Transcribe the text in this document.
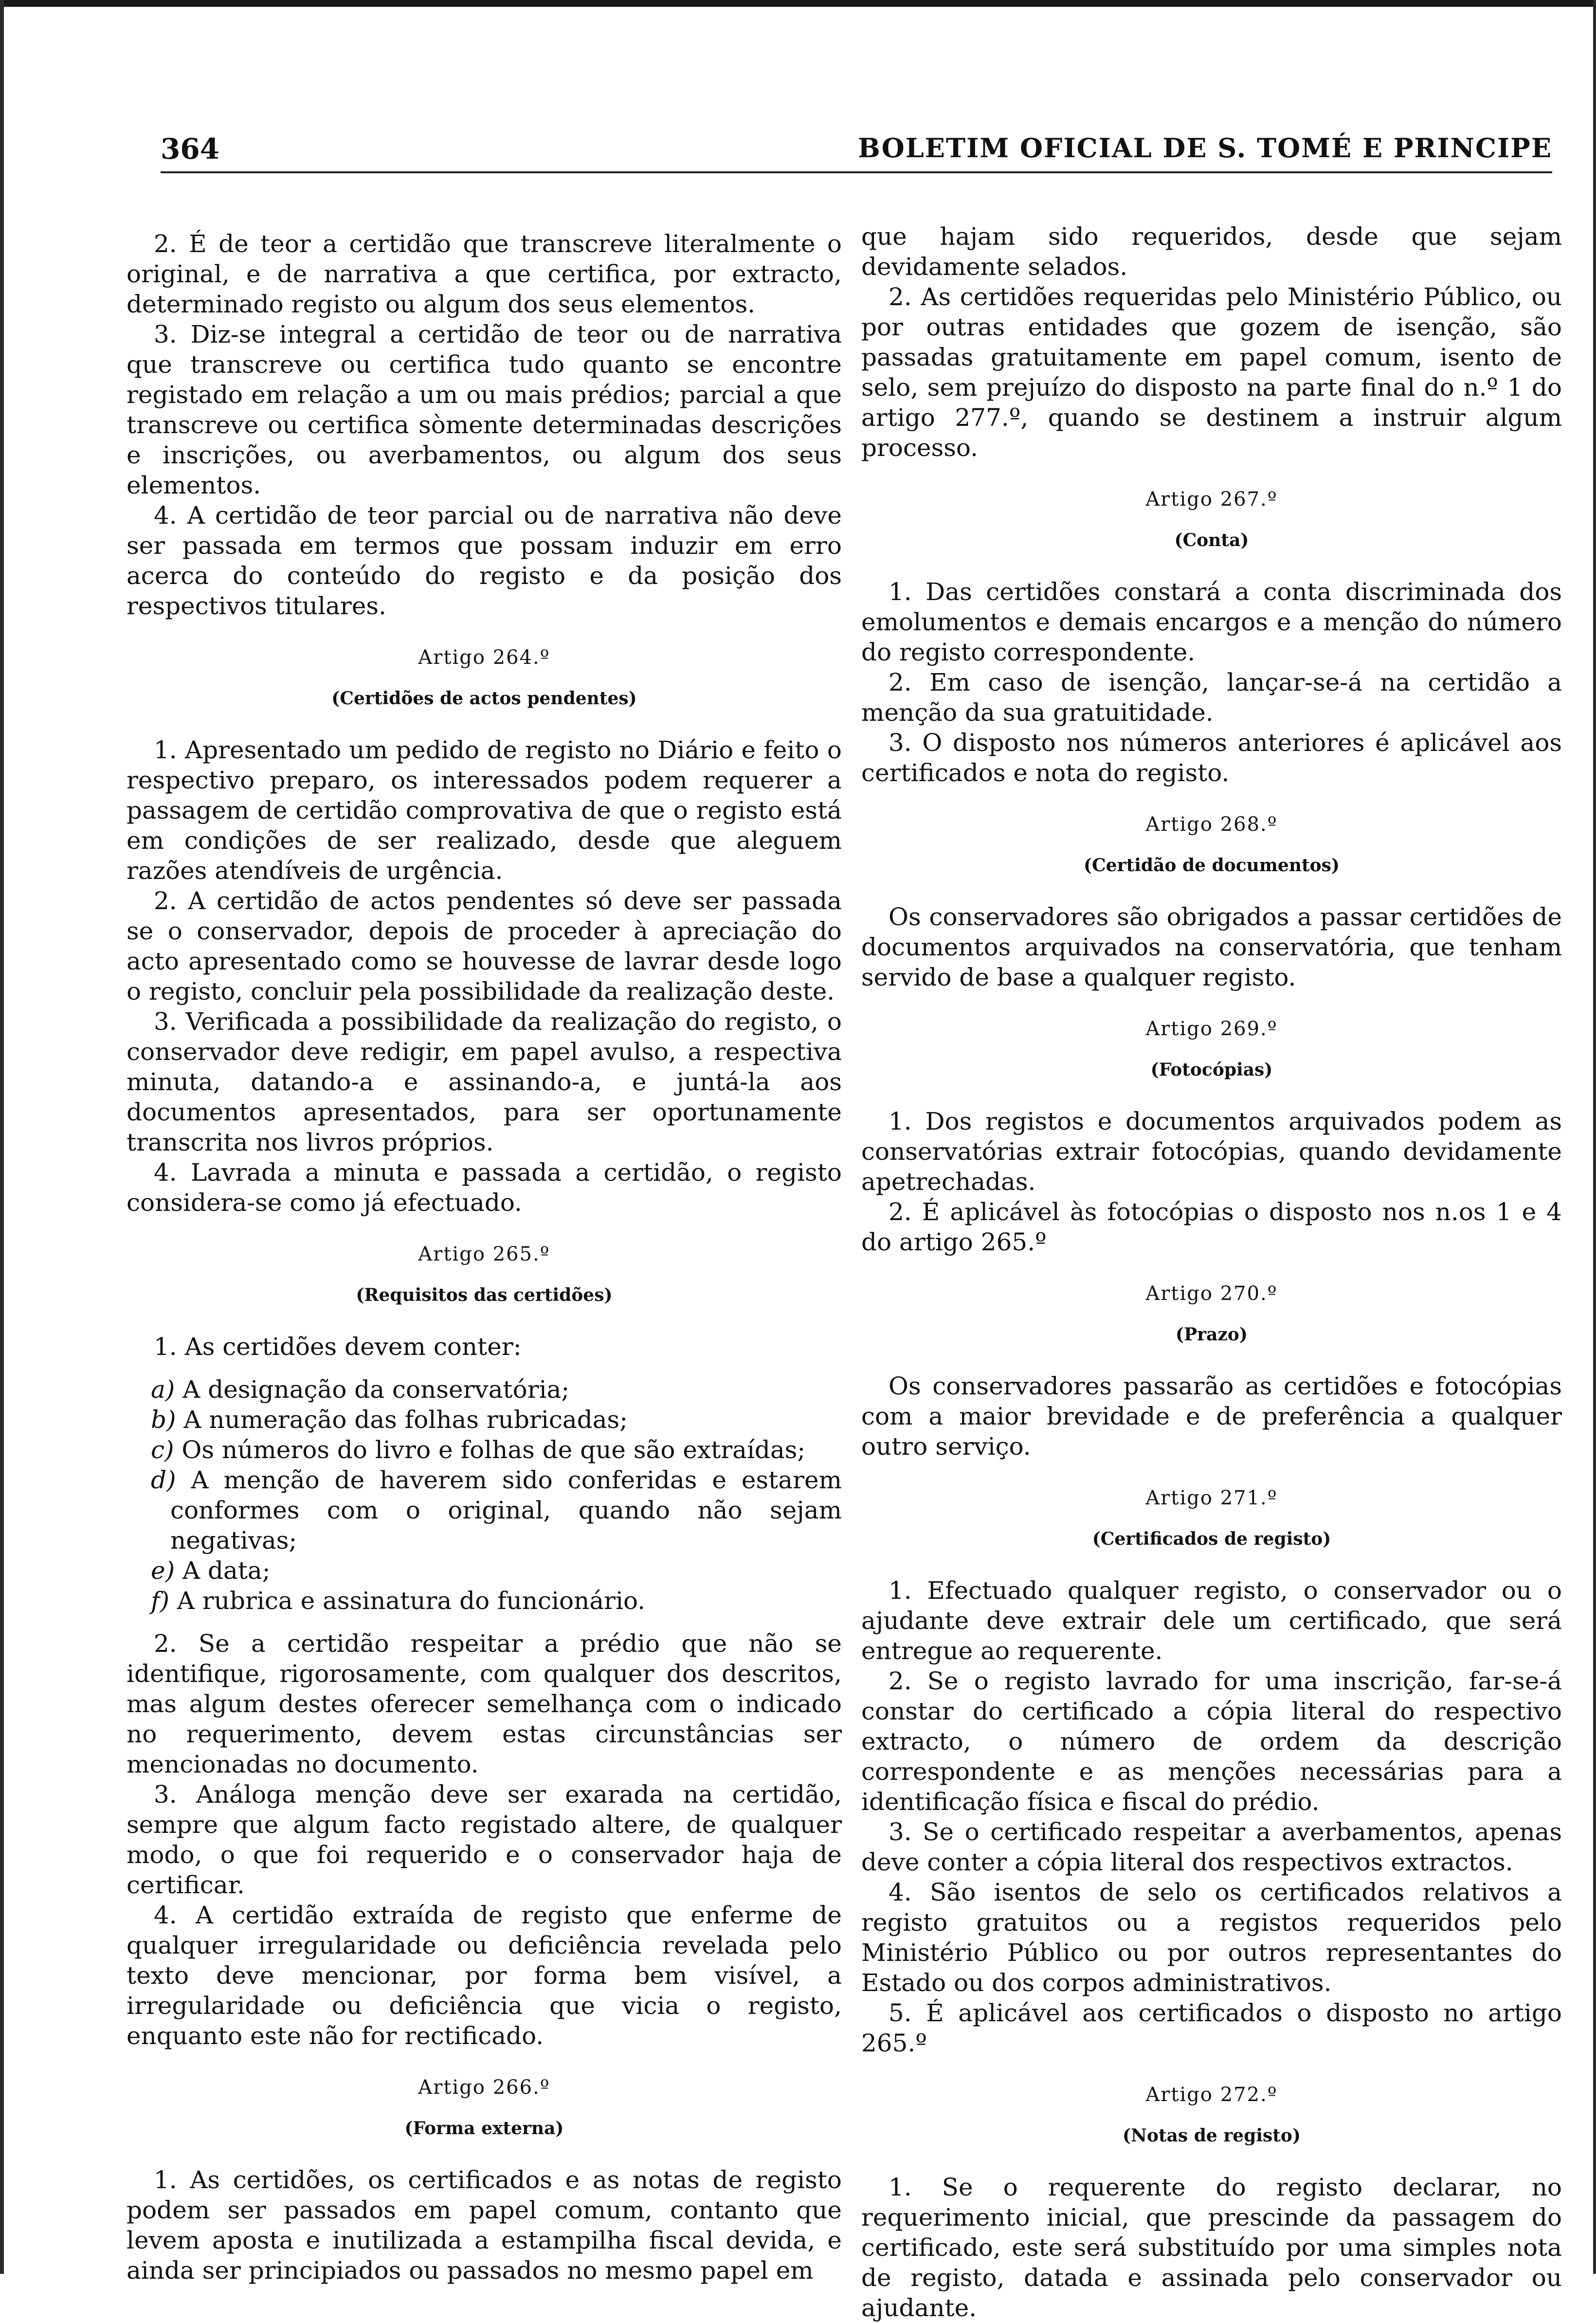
364	BOLETIM OFICIAL DE S. TOMÉ E PRINCIPE

2. É de teor a certidão que transcreve literalmente o original, e de narrativa a que certifica, por extracto, determinado registo ou algum dos seus elementos.

3. Diz-se integral a certidão de teor ou de narrativa que transcreve ou certifica tudo quanto se encontre registado em relação a um ou mais prédios; parcial a que transcreve ou certifica sòmente determinadas descrições e inscrições, ou averbamentos, ou algum dos seus elementos.

4. A certidão de teor parcial ou de narrativa não deve ser passada em termos que possam induzir em erro acerca do conteúdo do registo e da posição dos respectivos titulares.

Artigo 264.º
(Certidões de actos pendentes)

1. Apresentado um pedido de registo no Diário e feito o respectivo preparo, os interessados podem requerer a passagem de certidão comprovativa de que o registo está em condições de ser realizado, desde que aleguem razões atendíveis de urgência.

2. A certidão de actos pendentes só deve ser passada se o conservador, depois de proceder à apreciação do acto apresentado como se houvesse de lavrar desde logo o registo, concluir pela possibilidade da realização deste.

3. Verificada a possibilidade da realização do registo, o conservador deve redigir, em papel avulso, a respectiva minuta, datando-a e assinando-a, e juntá-la aos documentos apresentados, para ser oportunamente transcrita nos livros próprios.

4. Lavrada a minuta e passada a certidão, o registo considera-se como já efectuado.

Artigo 265.º
(Requisitos das certidões)

1. As certidões devem conter:

a) A designação da conservatória;

b) A numeração das folhas rubricadas;

c) Os números do livro e folhas de que são extraídas;

d) A menção de haverem sido conferidas e estarem conformes com o original, quando não sejam negativas;

e) A data;

f) A rubrica e assinatura do funcionário.

2. Se a certidão respeitar a prédio que não se identifique, rigorosamente, com qualquer dos descritos, mas algum destes oferecer semelhança com o indicado no requerimento, devem estas circunstâncias ser mencionadas no documento.

3. Análoga menção deve ser exarada na certidão, sempre que algum facto registado altere, de qualquer modo, o que foi requerido e o conservador haja de certificar.

4. A certidão extraída de registo que enferme de qualquer irregularidade ou deficiência revelada pelo texto deve mencionar, por forma bem visível, a irregularidade ou deficiência que vicia o registo, enquanto este não for rectificado.

Artigo 266.º
(Forma externa)

1. As certidões, os certificados e as notas de registo podem ser passados em papel comum, contanto que levem aposta e inutilizada a estampilha fiscal devida, e ainda ser principiados ou passados no mesmo papel em

que hajam sido requeridos, desde que sejam devidamente selados.

2. As certidões requeridas pelo Ministério Público, ou por outras entidades que gozem de isenção, são passadas gratuitamente em papel comum, isento de selo, sem prejuízo do disposto na parte final do n.º 1 do artigo 277.º, quando se destinem a instruir algum processo.

Artigo 267.º
(Conta)

1. Das certidões constará a conta discriminada dos emolumentos e demais encargos e a menção do número do registo correspondente.

2. Em caso de isenção, lançar-se-á na certidão a menção da sua gratuitidade.

3. O disposto nos números anteriores é aplicável aos certificados e nota do registo.

Artigo 268.º
(Certidão de documentos)

Os conservadores são obrigados a passar certidões de documentos arquivados na conservatória, que tenham servido de base a qualquer registo.

Artigo 269.º
(Fotocópias)

1. Dos registos e documentos arquivados podem as conservatórias extrair fotocópias, quando devidamente apetrechadas.

2. É aplicável às fotocópias o disposto nos n.os 1 e 4 do artigo 265.º

Artigo 270.º
(Prazo)

Os conservadores passarão as certidões e fotocópias com a maior brevidade e de preferência a qualquer outro serviço.

Artigo 271.º
(Certificados de registo)

1. Efectuado qualquer registo, o conservador ou o ajudante deve extrair dele um certificado, que será entregue ao requerente.

2. Se o registo lavrado for uma inscrição, far-se-á constar do certificado a cópia literal do respectivo extracto, o número de ordem da descrição correspondente e as menções necessárias para a identificação física e fiscal do prédio.

3. Se o certificado respeitar a averbamentos, apenas deve conter a cópia literal dos respectivos extractos.

4. São isentos de selo os certificados relativos a registo gratuitos ou a registos requeridos pelo Ministério Público ou por outros representantes do Estado ou dos corpos administrativos.

5. É aplicável aos certificados o disposto no artigo 265.º

Artigo 272.º
(Notas de registo)

1. Se o requerente do registo declarar, no requerimento inicial, que prescinde da passagem do certificado, este será substituído por uma simples nota de registo, datada e assinada pelo conservador ou ajudante.
